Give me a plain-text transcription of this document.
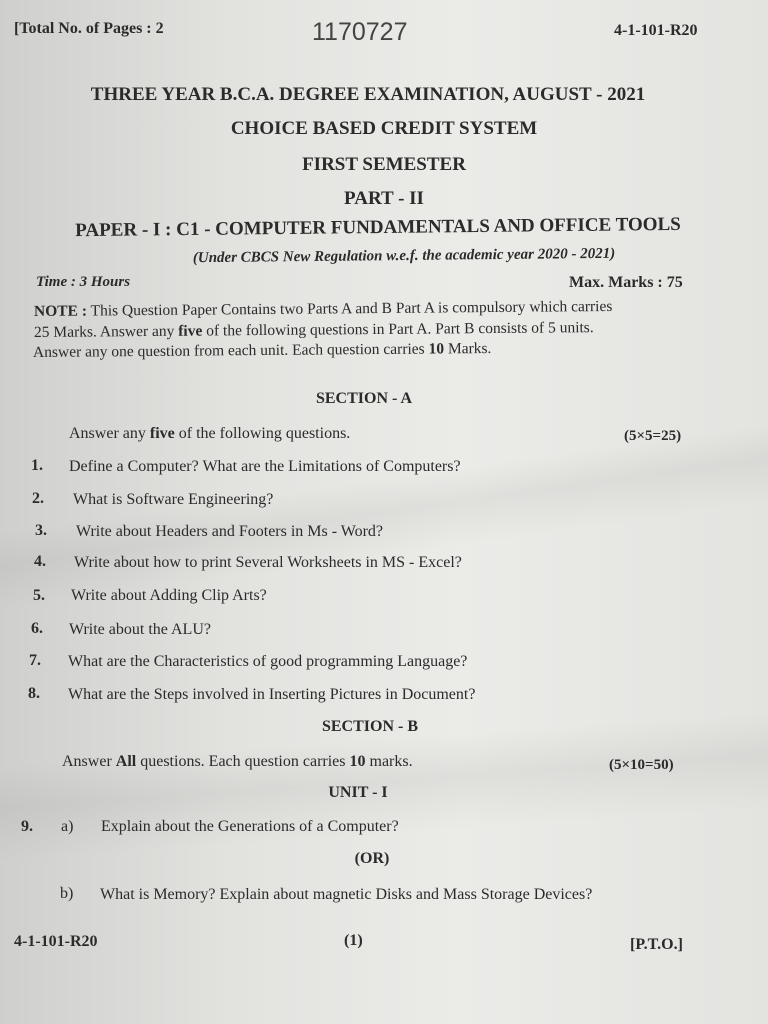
[Total No. of Pages : 2	1170727	4-1-101-R20
THREE YEAR B.C.A. DEGREE EXAMINATION, AUGUST - 2021
CHOICE BASED CREDIT SYSTEM
FIRST SEMESTER
PART - II
PAPER - I : C1 - COMPUTER FUNDAMENTALS AND OFFICE TOOLS
(Under CBCS New Regulation w.e.f. the academic year 2020 - 2021)
Time : 3 Hours	Max. Marks : 75
NOTE : This Question Paper Contains two Parts A and B Part A is compulsory which carries
25 Marks. Answer any five of the following questions in Part A. Part B consists of 5 units.
Answer any one question from each unit. Each question carries 10 Marks.
SECTION - A
Answer any five of the following questions.	(5×5=25)
1. Define a Computer? What are the Limitations of Computers?
2. What is Software Engineering?
3. Write about Headers and Footers in Ms - Word?
4. Write about how to print Several Worksheets in MS - Excel?
5. Write about Adding Clip Arts?
6. Write about the ALU?
7. What are the Characteristics of good programming Language?
8. What are the Steps involved in Inserting Pictures in Document?
SECTION - B
Answer All questions. Each question carries 10 marks.	(5×10=50)
UNIT - I
9. a) Explain about the Generations of a Computer?
(OR)
b) What is Memory? Explain about magnetic Disks and Mass Storage Devices?
4-1-101-R20	(1)	[P.T.O.]
